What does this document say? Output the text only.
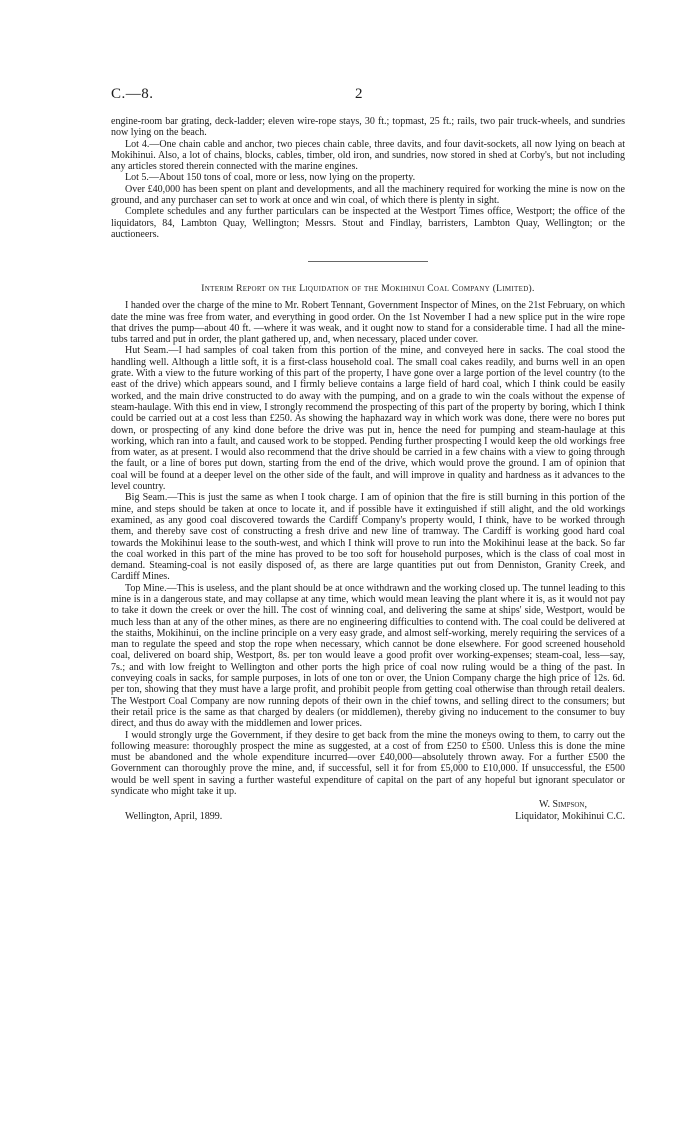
C.—8.	2

engine-room bar grating, deck-ladder; eleven wire-rope stays, 30 ft.; topmast, 25 ft.; rails, two pair truck-wheels, and sundries now lying on the beach.

Lot 4.—One chain cable and anchor, two pieces chain cable, three davits, and four davit-sockets, all now lying on beach at Mokihinui. Also, a lot of chains, blocks, cables, timber, old iron, and sundries, now stored in shed at Corby's, but not including any articles stored therein connected with the marine engines.

Lot 5.—About 150 tons of coal, more or less, now lying on the property.

Over £40,000 has been spent on plant and developments, and all the machinery required for working the mine is now on the ground, and any purchaser can set to work at once and win coal, of which there is plenty in sight.

Complete schedules and any further particulars can be inspected at the Westport Times office, Westport; the office of the liquidators, 84, Lambton Quay, Wellington; Messrs. Stout and Findlay, barristers, Lambton Quay, Wellington; or the auctioneers.

Interim Report on the Liquidation of the Mokihinui Coal Company (Limited).

I handed over the charge of the mine to Mr. Robert Tennant, Government Inspector of Mines, on the 21st February, on which date the mine was free from water, and everything in good order. On the 1st November I had a new splice put in the wire rope that drives the pump—about 40 ft. —where it was weak, and it ought now to stand for a considerable time. I had all the mine-tubs tarred and put in order, the plant gathered up, and, when necessary, placed under cover.

Hut Seam.—I had samples of coal taken from this portion of the mine, and conveyed here in sacks. The coal stood the handling well. Although a little soft, it is a first-class household coal. The small coal cakes readily, and burns well in an open grate. With a view to the future working of this part of the property, I have gone over a large portion of the level country (to the east of the drive) which appears sound, and I firmly believe contains a large field of hard coal, which I think could be easily worked, and the main drive constructed to do away with the pumping, and on a grade to win the coals without the expense of steam-haulage. With this end in view, I strongly recommend the prospecting of this part of the property by boring, which I think could be carried out at a cost less than £250. As showing the haphazard way in which work was done, there were no bores put down, or prospecting of any kind done before the drive was put in, hence the need for pumping and steam-haulage at this working, which ran into a fault, and caused work to be stopped. Pending further prospecting I would keep the old workings free from water, as at present. I would also recommend that the drive should be carried in a few chains with a view to going through the fault, or a line of bores put down, starting from the end of the drive, which would prove the ground. I am of opinion that coal will be found at a deeper level on the other side of the fault, and will improve in quality and hardness as it advances to the level country.

Big Seam.—This is just the same as when I took charge. I am of opinion that the fire is still burning in this portion of the mine, and steps should be taken at once to locate it, and if possible have it extinguished if still alight, and the old workings examined, as any good coal discovered towards the Cardiff Company's property would, I think, have to be worked through them, and thereby save cost of constructing a fresh drive and new line of tramway. The Cardiff is working good hard coal towards the Mokihinui lease to the south-west, and which I think will prove to run into the Mokihinui lease at the back. So far the coal worked in this part of the mine has proved to be too soft for household purposes, which is the class of coal most in demand. Steaming-coal is not easily disposed of, as there are large quantities put out from Denniston, Granity Creek, and Cardiff Mines.

Top Mine.—This is useless, and the plant should be at once withdrawn and the working closed up. The tunnel leading to this mine is in a dangerous state, and may collapse at any time, which would mean leaving the plant where it is, as it would not pay to take it down the creek or over the hill. The cost of winning coal, and delivering the same at ships' side, Westport, would be much less than at any of the other mines, as there are no engineering difficulties to contend with. The coal could be delivered at the staiths, Mokihinui, on the incline principle on a very easy grade, and almost self-working, merely requiring the services of a man to regulate the speed and stop the rope when necessary, which cannot be done elsewhere. For good screened household coal, delivered on board ship, Westport, 8s. per ton would leave a good profit over working-expenses; steam-coal, less—say, 7s.; and with low freight to Wellington and other ports the high price of coal now ruling would be a thing of the past. In conveying coals in sacks, for sample purposes, in lots of one ton or over, the Union Company charge the high price of 12s. 6d. per ton, showing that they must have a large profit, and prohibit people from getting coal otherwise than through retail dealers. The Westport Coal Company are now running depots of their own in the chief towns, and selling direct to the consumers; but their retail price is the same as that charged by dealers (or middlemen), thereby giving no inducement to the consumer to buy direct, and thus do away with the middlemen and lower prices.

I would strongly urge the Government, if they desire to get back from the mine the moneys owing to them, to carry out the following measure: thoroughly prospect the mine as suggested, at a cost of from £250 to £500. Unless this is done the mine must be abandoned and the whole expenditure incurred—over £40,000—absolutely thrown away. For a further £500 the Government can thoroughly prove the mine, and, if successful, sell it for from £5,000 to £10,000. If unsuccessful, the £500 would be well spent in saving a further wasteful expenditure of capital on the part of any hopeful but ignorant speculator or syndicate who might take it up.

W. Simpson,
Wellington, April, 1899.	Liquidator, Mokihinui C.C.
